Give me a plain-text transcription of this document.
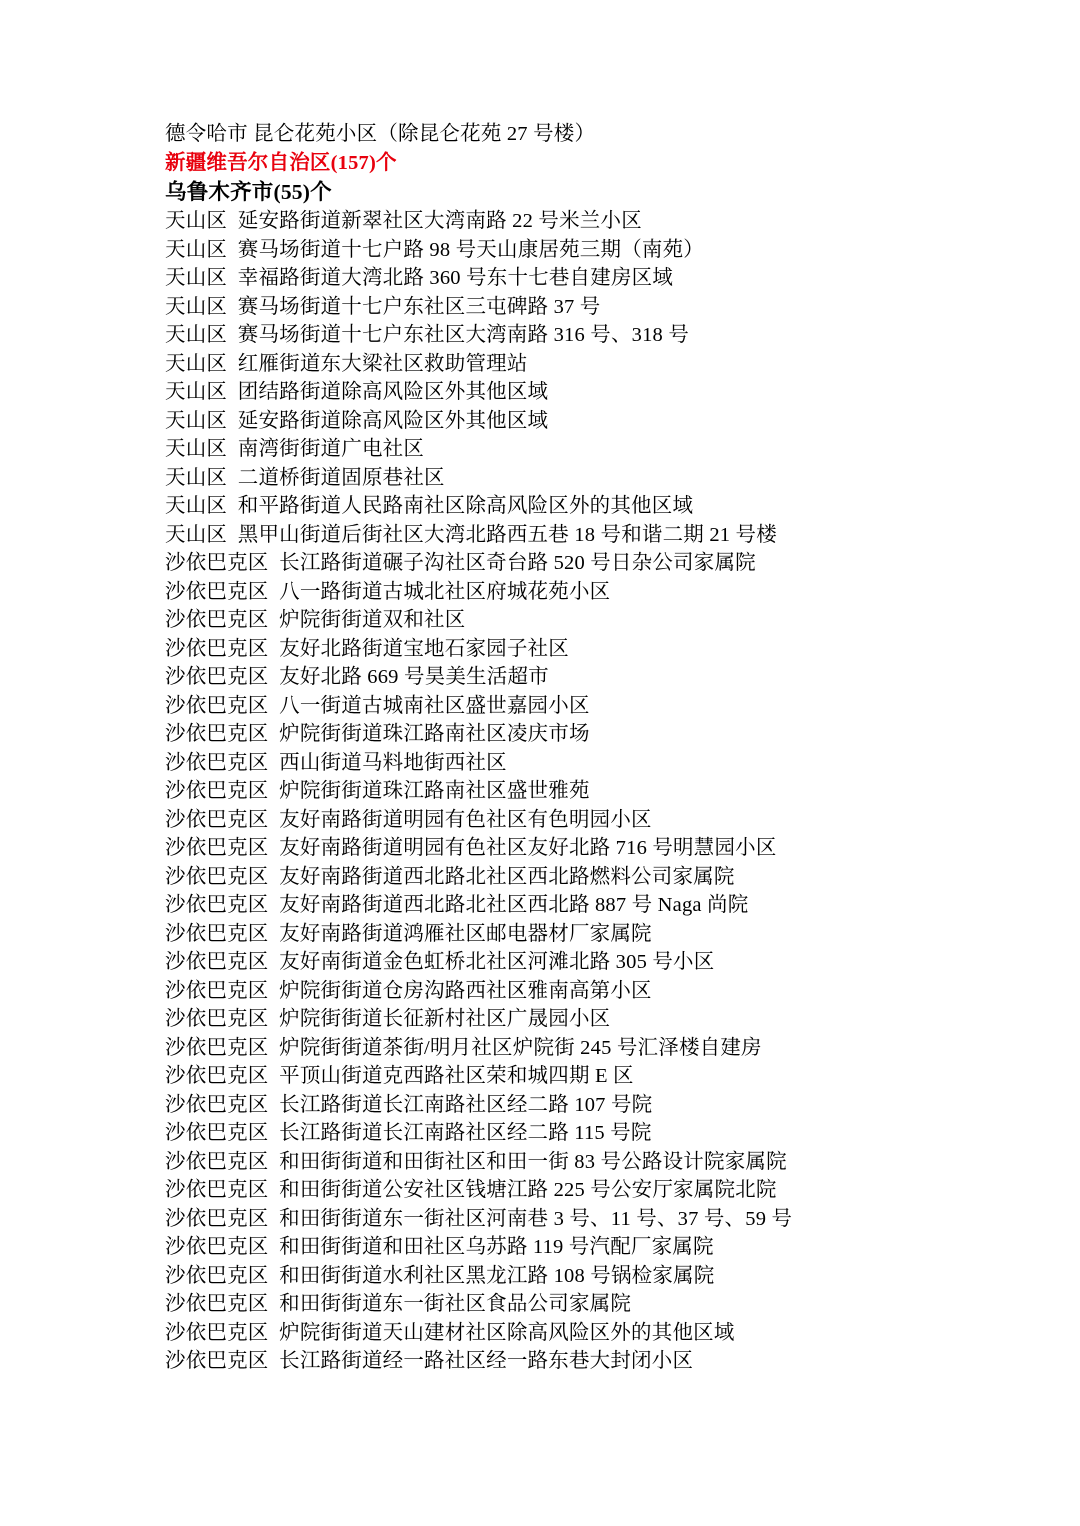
德令哈市 昆仑花苑小区（除昆仑花苑 27 号楼）
新疆维吾尔自治区(157)个
乌鲁木齐市(55)个
天山区  延安路街道新翠社区大湾南路 22 号米兰小区
天山区  赛马场街道十七户路 98 号天山康居苑三期（南苑）
天山区  幸福路街道大湾北路 360 号东十七巷自建房区域
天山区  赛马场街道十七户东社区三屯碑路 37 号
天山区  赛马场街道十七户东社区大湾南路 316 号、318 号
天山区  红雁街道东大梁社区救助管理站
天山区  团结路街道除高风险区外其他区域
天山区  延安路街道除高风险区外其他区域
天山区  南湾街街道广电社区
天山区  二道桥街道固原巷社区
天山区  和平路街道人民路南社区除高风险区外的其他区域
天山区  黑甲山街道后街社区大湾北路西五巷 18 号和谐二期 21 号楼
沙依巴克区  长江路街道碾子沟社区奇台路 520 号日杂公司家属院
沙依巴克区  八一路街道古城北社区府城花苑小区
沙依巴克区  炉院街街道双和社区
沙依巴克区  友好北路街道宝地石家园子社区
沙依巴克区  友好北路 669 号昊美生活超市
沙依巴克区  八一街道古城南社区盛世嘉园小区
沙依巴克区  炉院街街道珠江路南社区凌庆市场
沙依巴克区  西山街道马料地街西社区
沙依巴克区  炉院街街道珠江路南社区盛世雅苑
沙依巴克区  友好南路街道明园有色社区有色明园小区
沙依巴克区  友好南路街道明园有色社区友好北路 716 号明慧园小区
沙依巴克区  友好南路街道西北路北社区西北路燃料公司家属院
沙依巴克区  友好南路街道西北路北社区西北路 887 号 Naga 尚院
沙依巴克区  友好南路街道鸿雁社区邮电器材厂家属院
沙依巴克区  友好南街道金色虹桥北社区河滩北路 305 号小区
沙依巴克区  炉院街街道仓房沟路西社区雅南高第小区
沙依巴克区  炉院街街道长征新村社区广晟园小区
沙依巴克区  炉院街街道茶街/明月社区炉院街 245 号汇泽楼自建房
沙依巴克区  平顶山街道克西路社区荣和城四期 E 区
沙依巴克区  长江路街道长江南路社区经二路 107 号院
沙依巴克区  长江路街道长江南路社区经二路 115 号院
沙依巴克区  和田街街道和田街社区和田一街 83 号公路设计院家属院
沙依巴克区  和田街街道公安社区钱塘江路 225 号公安厅家属院北院
沙依巴克区  和田街街道东一街社区河南巷 3 号、11 号、37 号、59 号
沙依巴克区  和田街街道和田社区乌苏路 119 号汽配厂家属院
沙依巴克区  和田街街道水利社区黑龙江路 108 号锅检家属院
沙依巴克区  和田街街道东一街社区食品公司家属院
沙依巴克区  炉院街街道天山建材社区除高风险区外的其他区域
沙依巴克区  长江路街道经一路社区经一路东巷大封闭小区
